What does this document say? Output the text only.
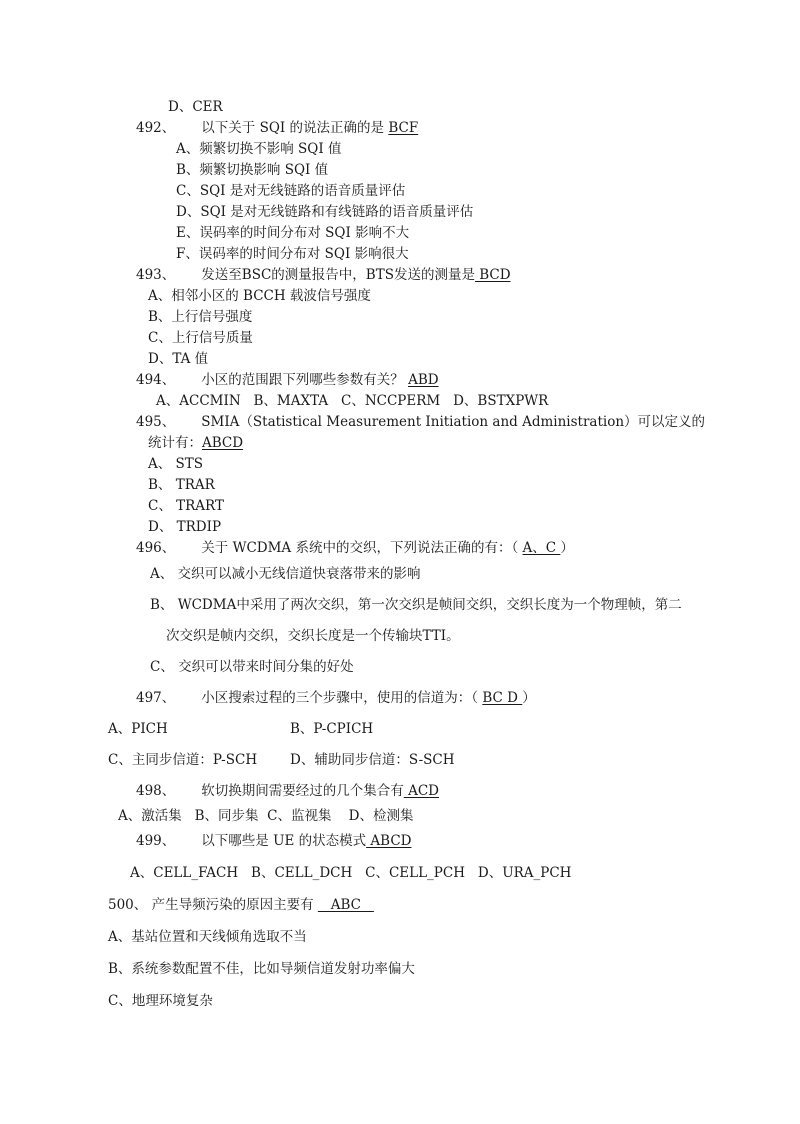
D、CER
492、 以下关于 SQI 的说法正确的是 BCF
A、频繁切换不影响 SQI 值
B、频繁切换影响 SQI 值
C、SQI 是对无线链路的语音质量评估
D、SQI 是对无线链路和有线链路的语音质量评估
E、误码率的时间分布对 SQI 影响不大
F、误码率的时间分布对 SQI 影响很大
493、 发送至BSC的测量报告中，BTS发送的测量是 BCD
A、相邻小区的 BCCH 载波信号强度
B、上行信号强度
C、上行信号质量
D、TA 值
494、 小区的范围跟下列哪些参数有关？ ABD
A、ACCMIN   B、MAXTA   C、NCCPERM   D、BSTXPWR
495、 SMIA（Statistical Measurement Initiation and Administration）可以定义的
统计有：ABCD
A、 STS
B、 TRAR
C、 TRART
D、 TRDIP
496、 关于 WCDMA 系统中的交织，下列说法正确的有：（ A、C ）
A、 交织可以减小无线信道快衰落带来的影响
B、 WCDMA中采用了两次交织，第一次交织是帧间交织，交织长度为一个物理帧，第二
次交织是帧内交织，交织长度是一个传输块TTI。
C、 交织可以带来时间分集的好处
497、 小区搜索过程的三个步骤中，使用的信道为：（ BC D ）
A、PICH	B、P-CPICH
C、主同步信道：P-SCH D、辅助同步信道：S-SCH
498、 软切换期间需要经过的几个集合有 ACD
A、激活集   B、同步集  C、监视集    D、检测集
499、 以下哪些是 UE 的状态模式 ABCD
A、CELL_FACH   B、CELL_DCH   C、CELL_PCH   D、URA_PCH
500、 产生导频污染的原因主要有    ABC
A、基站位置和天线倾角选取不当
B、系统参数配置不佳，比如导频信道发射功率偏大
C、地理环境复杂
